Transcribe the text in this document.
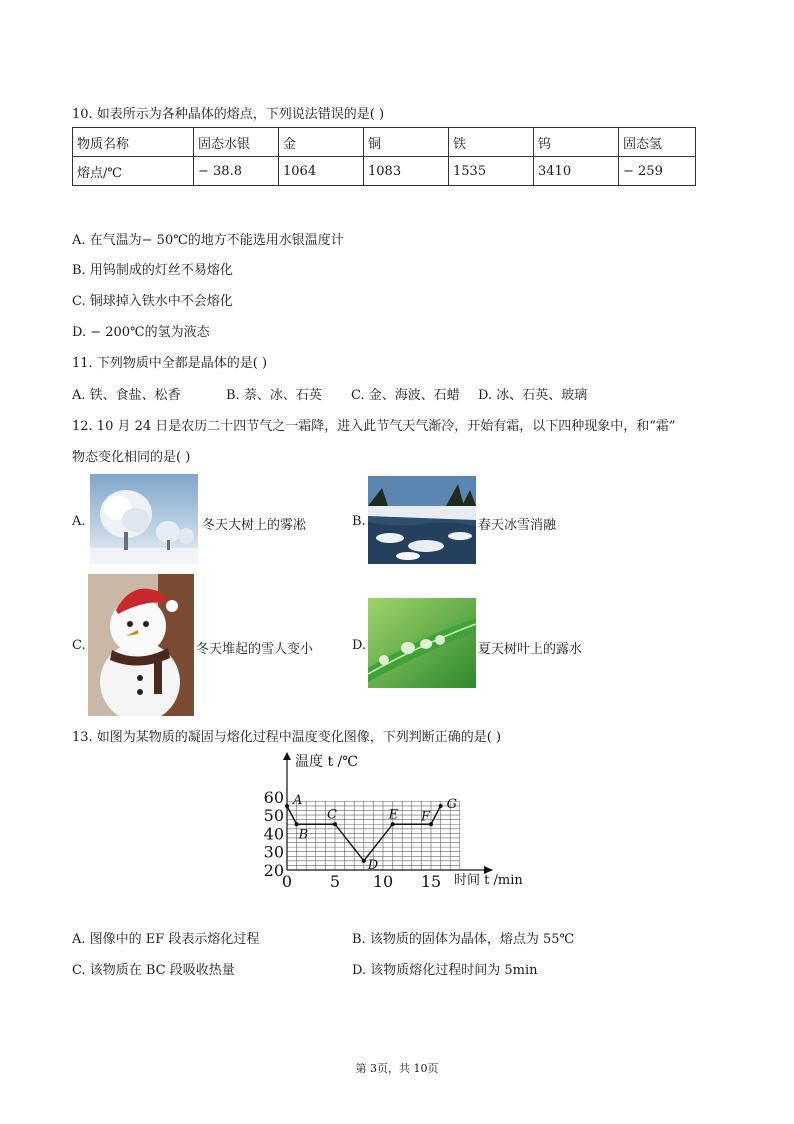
10. 如表所示为各种晶体的熔点，下列说法错误的是( )
物质名称	固态水银	金	铜	铁	钨	固态氢
熔点/℃	− 38.8	1064	1083	1535	3410	− 259
A. 在气温为− 50℃的地方不能选用水银温度计
B. 用钨制成的灯丝不易熔化
C. 铜球掉入铁水中不会熔化
D. − 200℃的氢为液态
11. 下列物质中全都是晶体的是( )
A. 铁、食盐、松香	B. 萘、冰、石英 C. 金、海波、石蜡 D. 冰、石英、玻璃
12. 10 月 24 日是农历二十四节气之一霜降，进入此节气天气渐冷，开始有霜，以下四种现象中，和“霜”
物态变化相同的是( )
A.	冬天大树上的雾凇	B.	春天冰雪消融
C.	冬天堆起的雪人变小	D.	夏天树叶上的露水
13. 如图为某物质的凝固与熔化过程中温度变化图像，下列判断正确的是( )
温度 t /℃
时间 t /min
60
50
40
30
20
0 5 10 15
A
B
C
D
E F
G
A. 图像中的 EF 段表示熔化过程	B. 该物质的固体为晶体，熔点为 55℃
C. 该物质在 BC 段吸收热量	D. 该物质熔化过程时间为 5min
第 3页，共 10页
